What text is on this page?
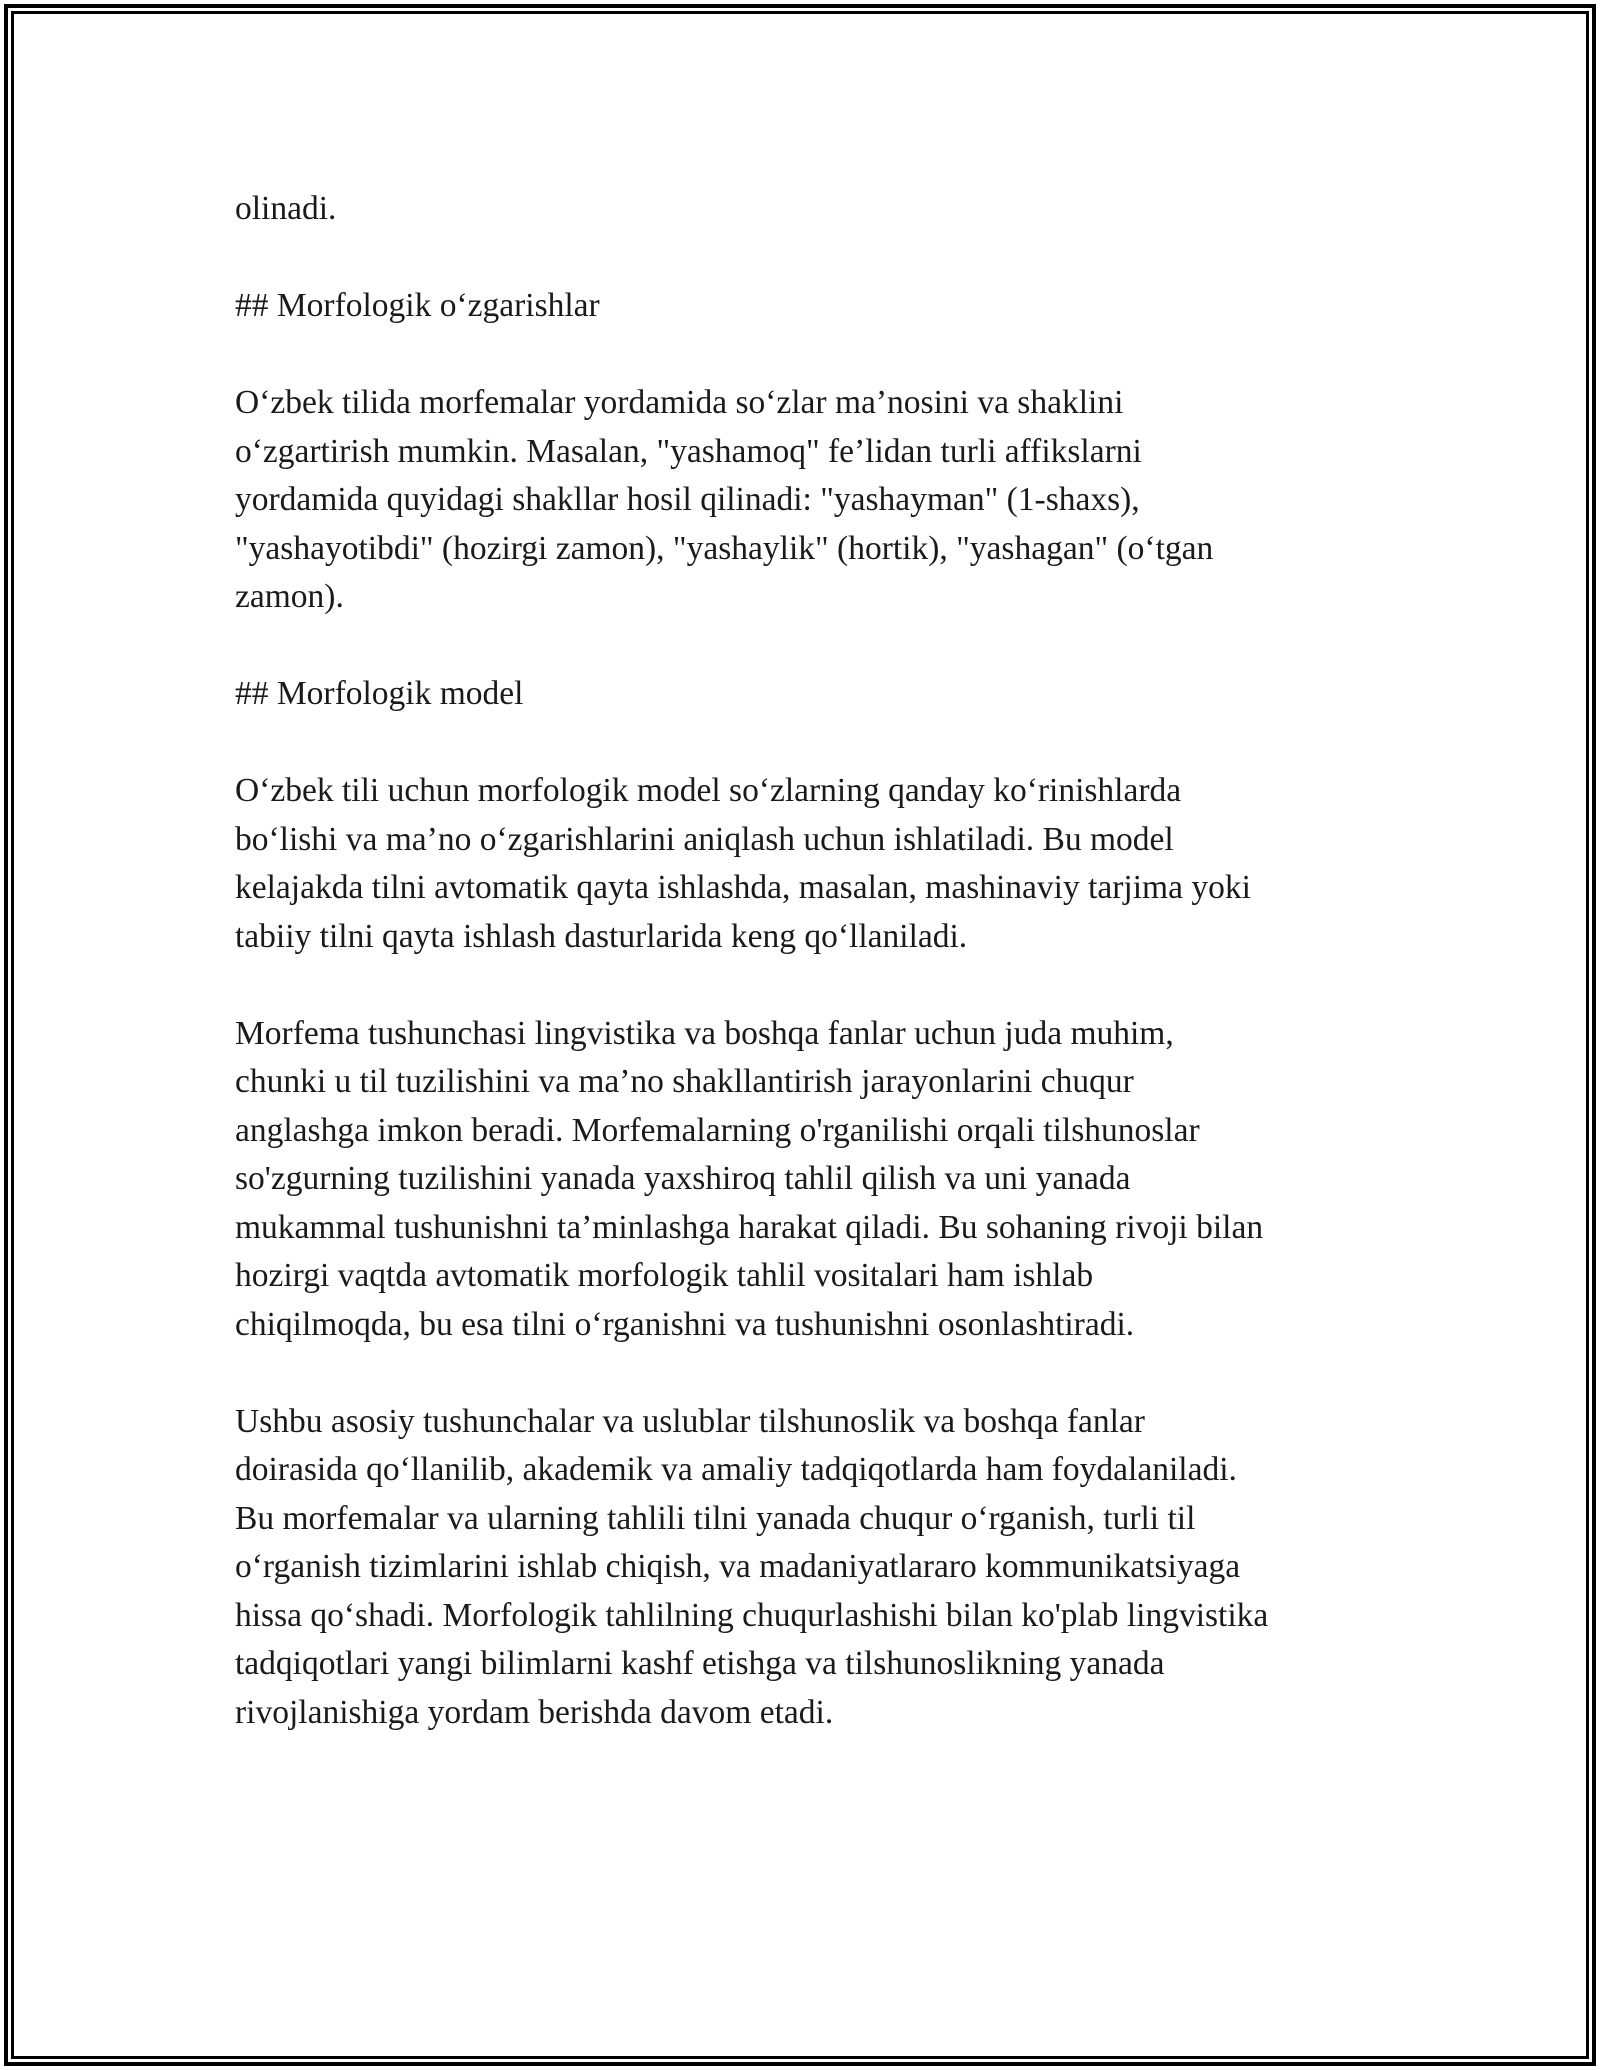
olinadi.

## Morfologik o‘zgarishlar

O‘zbek tilida morfemalar yordamida so‘zlar ma’nosini va shaklini
o‘zgartirish mumkin. Masalan, "yashamoq" fe’lidan turli affikslarni
yordamida quyidagi shakllar hosil qilinadi: "yashayman" (1-shaxs),
"yashayotibdi" (hozirgi zamon), "yashaylik" (hortik), "yashagan" (o‘tgan
zamon).

## Morfologik model

O‘zbek tili uchun morfologik model so‘zlarning qanday ko‘rinishlarda
bo‘lishi va ma’no o‘zgarishlarini aniqlash uchun ishlatiladi. Bu model
kelajakda tilni avtomatik qayta ishlashda, masalan, mashinaviy tarjima yoki
tabiiy tilni qayta ishlash dasturlarida keng qo‘llaniladi.

Morfema tushunchasi lingvistika va boshqa fanlar uchun juda muhim,
chunki u til tuzilishini va ma’no shakllantirish jarayonlarini chuqur
anglashga imkon beradi. Morfemalarning o'rganilishi orqali tilshunoslar
so'zgurning tuzilishini yanada yaxshiroq tahlil qilish va uni yanada
mukammal tushunishni ta’minlashga harakat qiladi. Bu sohaning rivoji bilan
hozirgi vaqtda avtomatik morfologik tahlil vositalari ham ishlab
chiqilmoqda, bu esa tilni o‘rganishni va tushunishni osonlashtiradi.

Ushbu asosiy tushunchalar va uslublar tilshunoslik va boshqa fanlar
doirasida qo‘llanilib, akademik va amaliy tadqiqotlarda ham foydalaniladi.
Bu morfemalar va ularning tahlili tilni yanada chuqur o‘rganish, turli til
o‘rganish tizimlarini ishlab chiqish, va madaniyatlararo kommunikatsiyaga
hissa qo‘shadi. Morfologik tahlilning chuqurlashishi bilan ko'plab lingvistika
tadqiqotlari yangi bilimlarni kashf etishga va tilshunoslikning yanada
rivojlanishiga yordam berishda davom etadi.
